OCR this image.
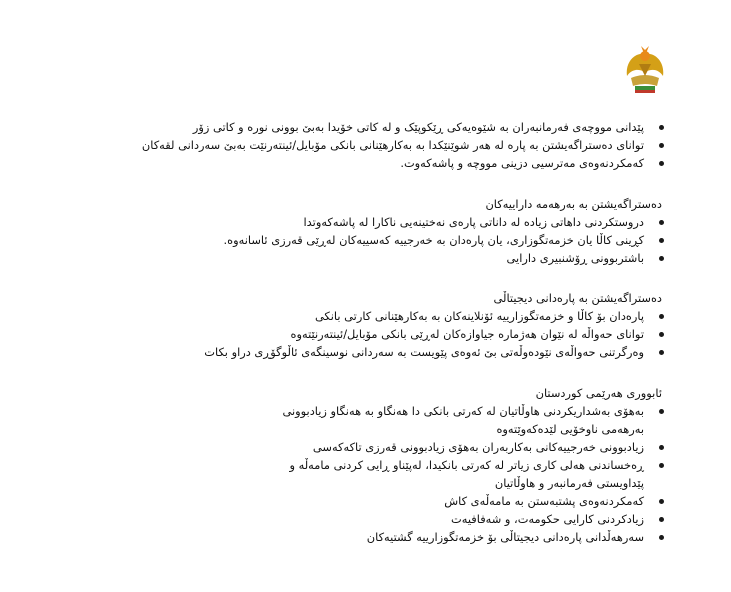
پێدانی مووچەی فەرمانبەران بە شێوەیەکی ڕێکوپێک و لە کاتی خۆیدا بەبێ بوونی نورە و کاتی زۆر
توانای دەستراگەیشتن بە پارە لە هەر شوێنێکدا بە بەکارهێنانی بانکی مۆبایل/ئینتەرنێت بەبێ سەردانی لقەکان
کەمکردنەوەی مەترسیی دزینی مووچە و پاشەکەوت.

دەستراگەیشتن بە بەرهەمە داراییەکان

دروستکردنی داهاتی زیادە لە داناتی پارەی نەختینەیی ناکارا لە پاشەکەوتدا
کڕینی کاڵا یان خزمەتگوزاری، یان پارەدان بە خەرجییە کەسییەکان لەڕێی قەرزی ئاسانەوە.
باشتربوونی ڕۆشنبیری دارایی

دەستراگەیشتن بە پارەدانی دیجیتاڵی

پارەدان بۆ کاڵا و خزمەتگوزارییە ئۆنلاینەکان بە بەکارهێنانی کارتی بانکی
توانای حەواڵە لە نێوان هەژمارە جیاوازەکان لەڕێی بانکی مۆبایل/ئینتەرنێتەوە
وەرگرتنی حەواڵەی نێودەوڵەتی بێ ئەوەی پێویست بە سەردانی نوسینگەی ئاڵوگۆڕی دراو بکات

ئابووری هەرێمی کوردستان

بەهۆی بەشداریکردنی هاوڵاتیان لە کەرتی بانکی دا هەنگاو بە هەنگاو زیادبوونی بەرهەمی ناوخۆیی لێدەکەوێتەوە
زیادبوونی خەرجییەکانی بەکاربەران بەهۆی زیادبوونی قەرزی تاکەکەسی
ڕەخساندنی هەلی کاری زیاتر لە کەرتی بانکیدا، لەپێناو ڕایی کردنی مامەڵە و پێداویستی فەرمانبەر و هاوڵاتیان
کەمکردنەوەی پشتبەستن بە مامەڵەی کاش
زیادکردنی کارایی حکومەت، و شەفافیەت
سەرهەڵدانی پارەدانی دیجیتاڵی بۆ خزمەتگوزارییە گشتیەکان
